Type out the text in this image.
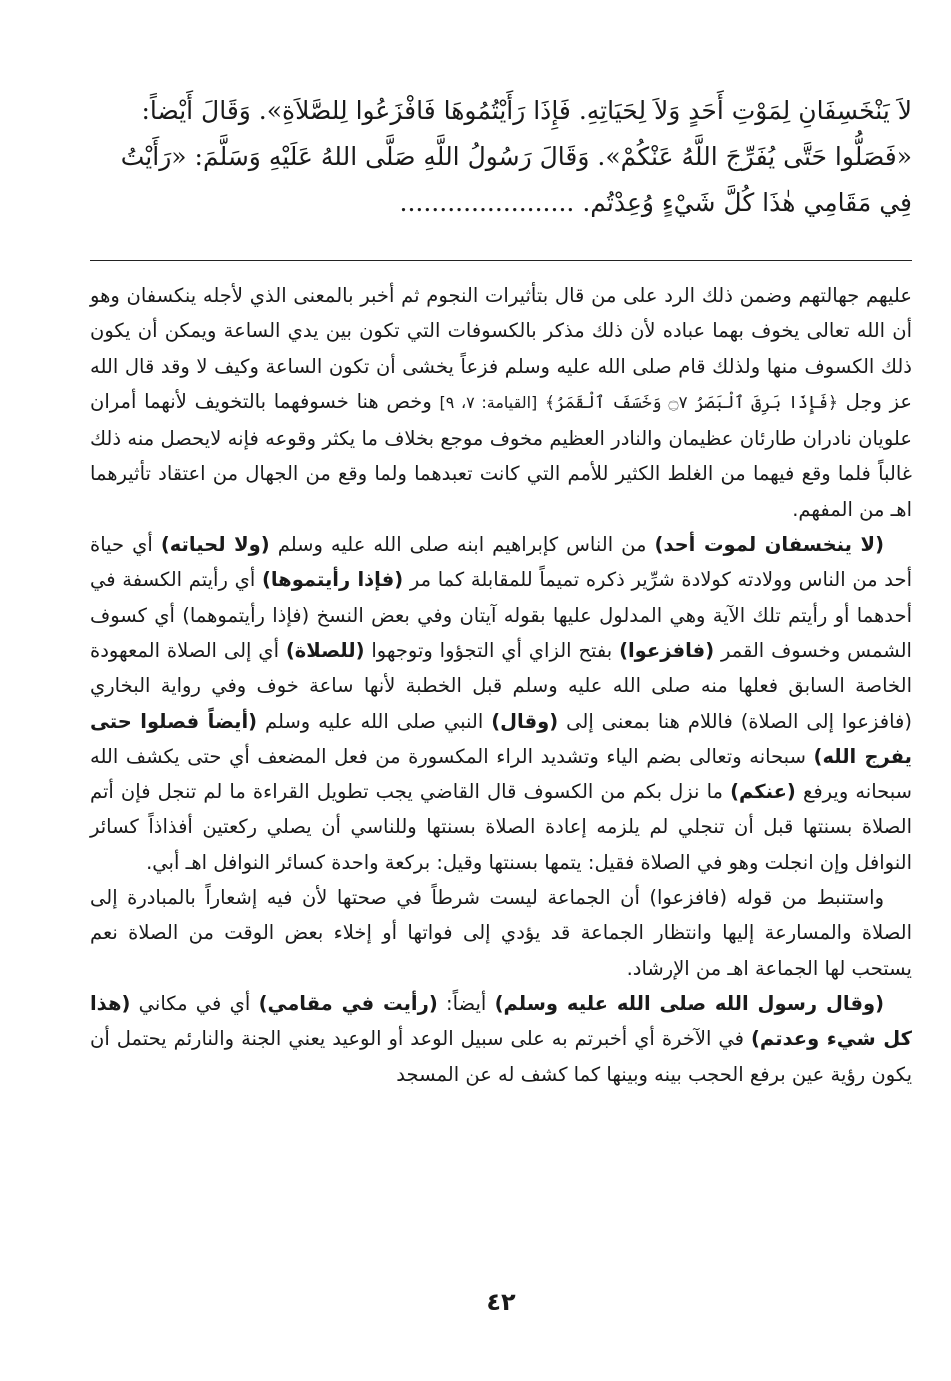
لاَ يَنْخَسِفَانِ لِمَوْتِ أَحَدٍ وَلاَ لِحَيَاتِهِ. فَإِذَا رَأَيْتُمُوهَا فَافْزَعُوا لِلصَّلاَةِ». وَقَالَ أَيْضاً:

«فَصَلُّوا حَتَّى يُفَرِّجَ اللَّهُ عَنْكُمْ». وَقَالَ رَسُولُ اللَّهِ صَلَّى اللهُ عَلَيْهِ وَسَلَّمَ: «رَأَيْتُ

فِي مَقَامِي هٰذَا كُلَّ شَيْءٍ وُعِدْتُم. ......................

عليهم جهالتهم وضمن ذلك الرد على من قال بتأثيرات النجوم ثم أخبر بالمعنى الذي لأجله ينكسفان وهو أن الله تعالى يخوف بهما عباده لأن ذلك مذكر بالكسوفات التي تكون بين يدي الساعة ويمكن أن يكون ذلك الكسوف منها ولذلك قام صلى الله عليه وسلم فزعاً يخشى أن تكون الساعة وكيف لا وقد قال الله عز وجل ﴿فَإِذَا بَرِقَ ٱلْبَصَرُ ۝٧ وَخَسَفَ ٱلْقَمَرُ﴾ [القيامة: ٧، ٩] وخص هنا خسوفهما بالتخويف لأنهما أمران علويان نادران طارئان عظيمان والنادر العظيم مخوف موجع بخلاف ما يكثر وقوعه فإنه لايحصل منه ذلك غالباً فلما وقع فيهما من الغلط الكثير للأمم التي كانت تعبدهما ولما وقع من الجهال من اعتقاد تأثيرهما اهـ من المفهم.

(لا ينخسفان لموت أحد) من الناس كإبراهيم ابنه صلى الله عليه وسلم (ولا لحياته) أي حياة أحد من الناس وولادته كولادة شرِّير ذكره تميماً للمقابلة كما مر (فإذا رأيتموها) أي رأيتم الكسفة في أحدهما أو رأيتم تلك الآية وهي المدلول عليها بقوله آيتان وفي بعض النسخ (فإذا رأيتموهما) أي كسوف الشمس وخسوف القمر (فافزعوا) بفتح الزاي أي التجؤوا وتوجهوا (للصلاة) أي إلى الصلاة المعهودة الخاصة السابق فعلها منه صلى الله عليه وسلم قبل الخطبة لأنها ساعة خوف وفي رواية البخاري (فافزعوا إلى الصلاة) فاللام هنا بمعنى إلى (وقال) النبي صلى الله عليه وسلم (أيضاً فصلوا حتى يفرج الله) سبحانه وتعالى بضم الياء وتشديد الراء المكسورة من فعل المضعف أي حتى يكشف الله سبحانه ويرفع (عنكم) ما نزل بكم من الكسوف قال القاضي يجب تطويل القراءة ما لم تنجل فإن أتم الصلاة بسنتها قبل أن تنجلي لم يلزمه إعادة الصلاة بسنتها وللناسي أن يصلي ركعتين أفذاذاً كسائر النوافل وإن انجلت وهو في الصلاة فقيل: يتمها بسنتها وقيل: بركعة واحدة كسائر النوافل اهـ أبي.

واستنبط من قوله (فافزعوا) أن الجماعة ليست شرطاً في صحتها لأن فيه إشعاراً بالمبادرة إلى الصلاة والمسارعة إليها وانتظار الجماعة قد يؤدي إلى فواتها أو إخلاء بعض الوقت من الصلاة نعم يستحب لها الجماعة اهـ من الإرشاد.

(وقال رسول الله صلى الله عليه وسلم) أيضاً: (رأيت في مقامي) أي في مكاني (هذا كل شيء وعدتم) في الآخرة أي أخبرتم به على سبيل الوعد أو الوعيد يعني الجنة والنارئم يحتمل أن يكون رؤية عين برفع الحجب بينه وبينها كما كشف له عن المسجد

٤٢
